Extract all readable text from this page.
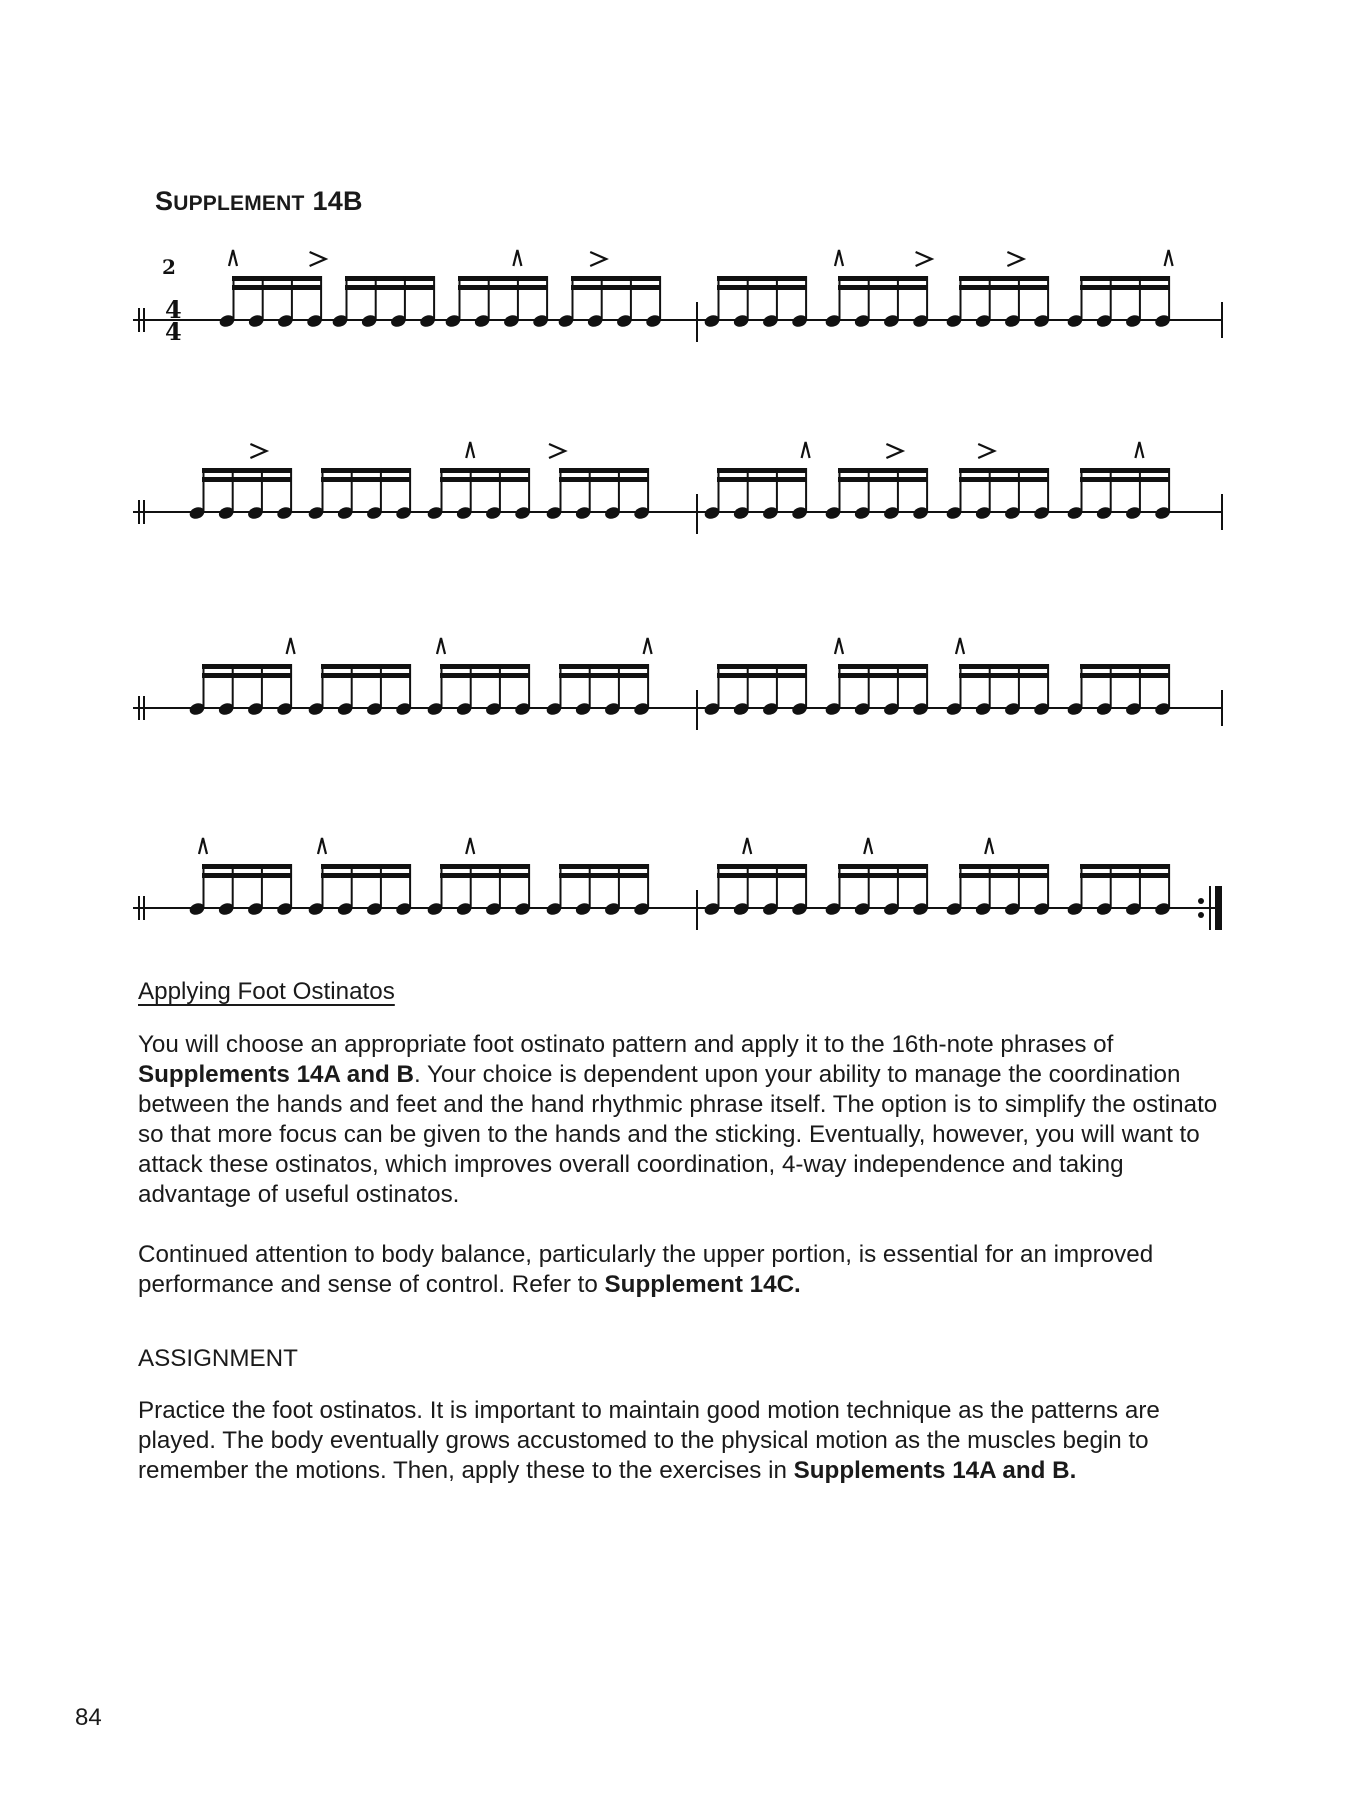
SUPPLEMENT 14B
2
4
4
Applying Foot Ostinatos
You will choose an appropriate foot ostinato pattern and apply it to the 16th-note phrases of Supplements 14A and B. Your choice is dependent upon your ability to manage the coordination between the hands and feet and the hand rhythmic phrase itself. The option is to simplify the ostinato so that more focus can be given to the hands and the sticking. Eventually, however, you will want to attack these ostinatos, which improves overall coordination, 4-way independence and taking advantage of useful ostinatos.
Continued attention to body balance, particularly the upper portion, is essential for an improved performance and sense of control. Refer to Supplement 14C.
ASSIGNMENT
Practice the foot ostinatos. It is important to maintain good motion technique as the patterns are played. The body eventually grows accustomed to the physical motion as the muscles begin to remember the motions. Then, apply these to the exercises in Supplements 14A and B.
84
